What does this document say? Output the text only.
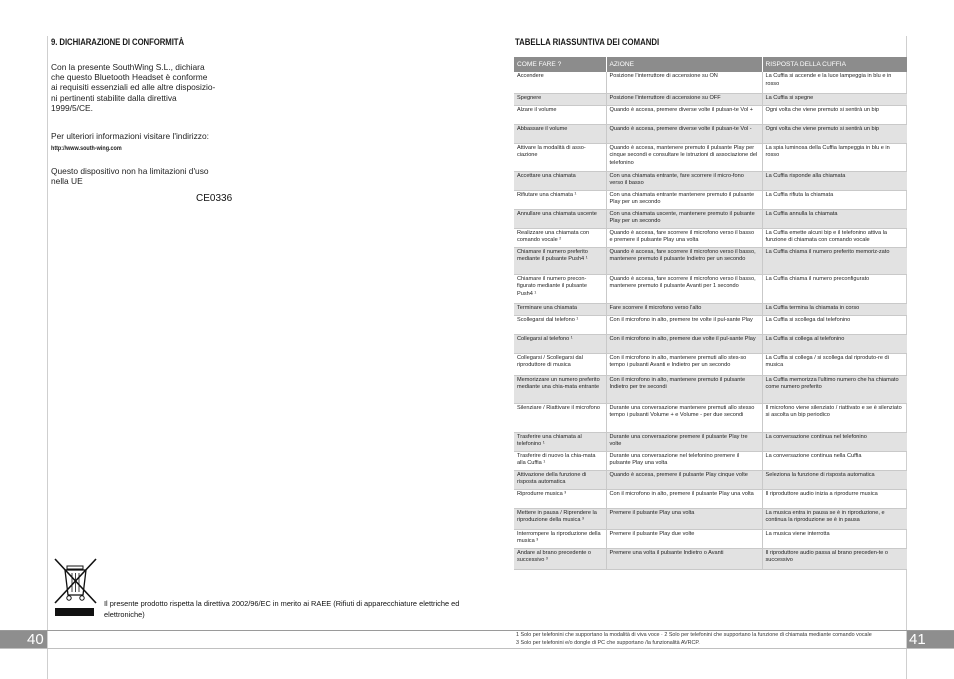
9. DICHIARAZIONE DI CONFORMITÀ
Con la presente SouthWing S.L., dichiara
che questo Bluetooth Headset è conforme
ai requisiti essenziali ed alle altre disposizio-
ni pertinenti stabilite dalla direttiva
1999/5/CE.
Per ulteriori informazioni visitare l'indirizzo:
http://www.south-wing.com
Questo dispositivo non ha limitazioni d'uso
nella UE
CE0336
Il presente prodotto rispetta la direttiva 2002/96/EC in merito ai RAEE (Rifiuti di apparecchiature elettriche ed elettroniche)
40
TABELLA RIASSUNTIVA DEI COMANDI
COME FARE ?	AZIONE	RISPOSTA DELLA CUFFIA
Accendere	Posizione l'interruttore di accensione su ON	La Cuffia si accende e la luce lampeggia in blu e in rosso
Spegnere	Posizione l'interruttore di accensione su OFF	La Cuffia si spegne
Alzare il volume	Quando è accesa, premere diverse volte il pulsan-te Vol +	Ogni volta che viene premuto si sentirà un bip
Abbassare il volume	Quando è accesa, premere diverse volte il pulsan-te Vol -	Ogni volta che viene premuto si sentirà un bip
Attivare la modalità di asso-ciazione	Quando è accesa, mantenere premuto il pulsante Play per cinque secondi e consultare le istruzioni di associazione del telefonino	La spia luminosa della Cuffia lampeggia in blu e in rosso
Accettare una chiamata	Con una chiamata entrante, fare scorrere il micro-fono verso il basso	La Cuffia risponde alla chiamata
Rifiutare una chiamata ¹	Con una chiamata entrante mantenere premuto il pulsante Play per un secondo	La Cuffia rifiuta la chiamata
Annullare una chiamata uscente	Con una chiamata uscente, mantenere premuto il pulsante Play per un secondo	La Cuffia annulla la chiamata
Realizzare una chiamata con comando vocale ²	Quando è accesa, fare scorrere il microfono verso il basso e premere il pulsante Play una volta	La Cuffia emette alcuni bip e il telefonino attiva la funzione di chiamata con comando vocale
Chiamare il numero preferito mediante il pulsante Push4 ¹	Quando è accesa, fare scorrere il microfono verso il basso, mantenere premuto il pulsante Indietro per un secondo	La Cuffia chiama il numero preferito memoriz-zato
Chiamare il numero precon-figurato mediante il pulsante Push4 ¹	Quando è accesa, fare scorrere il microfono verso il basso, mantenere premuto il pulsante Avanti per 1 secondo	La Cuffia chiama il numero preconfigurato
Terminare una chiamata	Fare scorrere il microfono verso l'alto	La Cuffia termina la chiamata in corso
Scollegarsi dal telefono ¹	Con il microfono in alto, premere tre volte il pul-sante Play	La Cuffia si scollega dal telefonino
Collegarsi al telefono ¹	Con il microfono in alto, premere due volte il pul-sante Play	La Cuffia si collega al telefonino
Collegarsi / Scollegarsi dal riproduttore di musica	Con il microfono in alto, mantenere premuti allo stes-so tempo i pulsanti Avanti e Indietro per un secondo	La Cuffia si collega / si scollega dal riproduto-re di musica
Memorizzare un numero preferito mediante una chia-mata entrante	Con il microfono in alto, mantenere premuto il pulsante Indietro per tre secondi	La Cuffia memorizza l'ultimo numero che ha chiamato come numero preferito
Silenziare / Riattivare il microfono	Durante una conversazione mantenere premuti allo stesso tempo i pulsanti Volume + e Volume - per due secondi	Il microfono viene silenziato / riattivato e se è silenziato si ascolta un bip periodico
Trasferire una chiamata al telefonino ¹	Durante una conversazione premere il pulsante Play tre volte	La conversazione continua nel telefonino
Trasferire di nuovo la chia-mata alla Cuffia ¹	Durante una conversazione nel telefonino premere il pulsante Play una volta	La conversazione continua nella Cuffia
Attivazione della funzione di risposta automatica	Quando è accesa, premere il pulsante Play cinque volte	Seleziona la funzione di risposta automatica
Riprodurre musica ³	Con il microfono in alto, premere il pulsante Play una volta	Il riproduttore audio inizia a riprodurre musica
Mettere in pausa / Riprendere la riproduzione della musica ³	Premere il pulsante Play una volta	La musica entra in pausa se è in riproduzione, e continua la riproduzione se è in pausa
Interrompere la riproduzione della musica ³	Premere il pulsante Play due volte	La musica viene interrotta
Andare al brano precedente o successivo ³	Premere una volta il pulsante Indietro o Avanti	Il riproduttore audio passa al brano preceden-te o successivo
1 Solo per telefonini che supportano la modalità di viva voce · 2 Solo per telefonini che supportano la funzione di chiamata mediante comando vocale
3 Solo per telefonini e/o dongle di PC che supportano /la funzionalità AVRCP.	41
